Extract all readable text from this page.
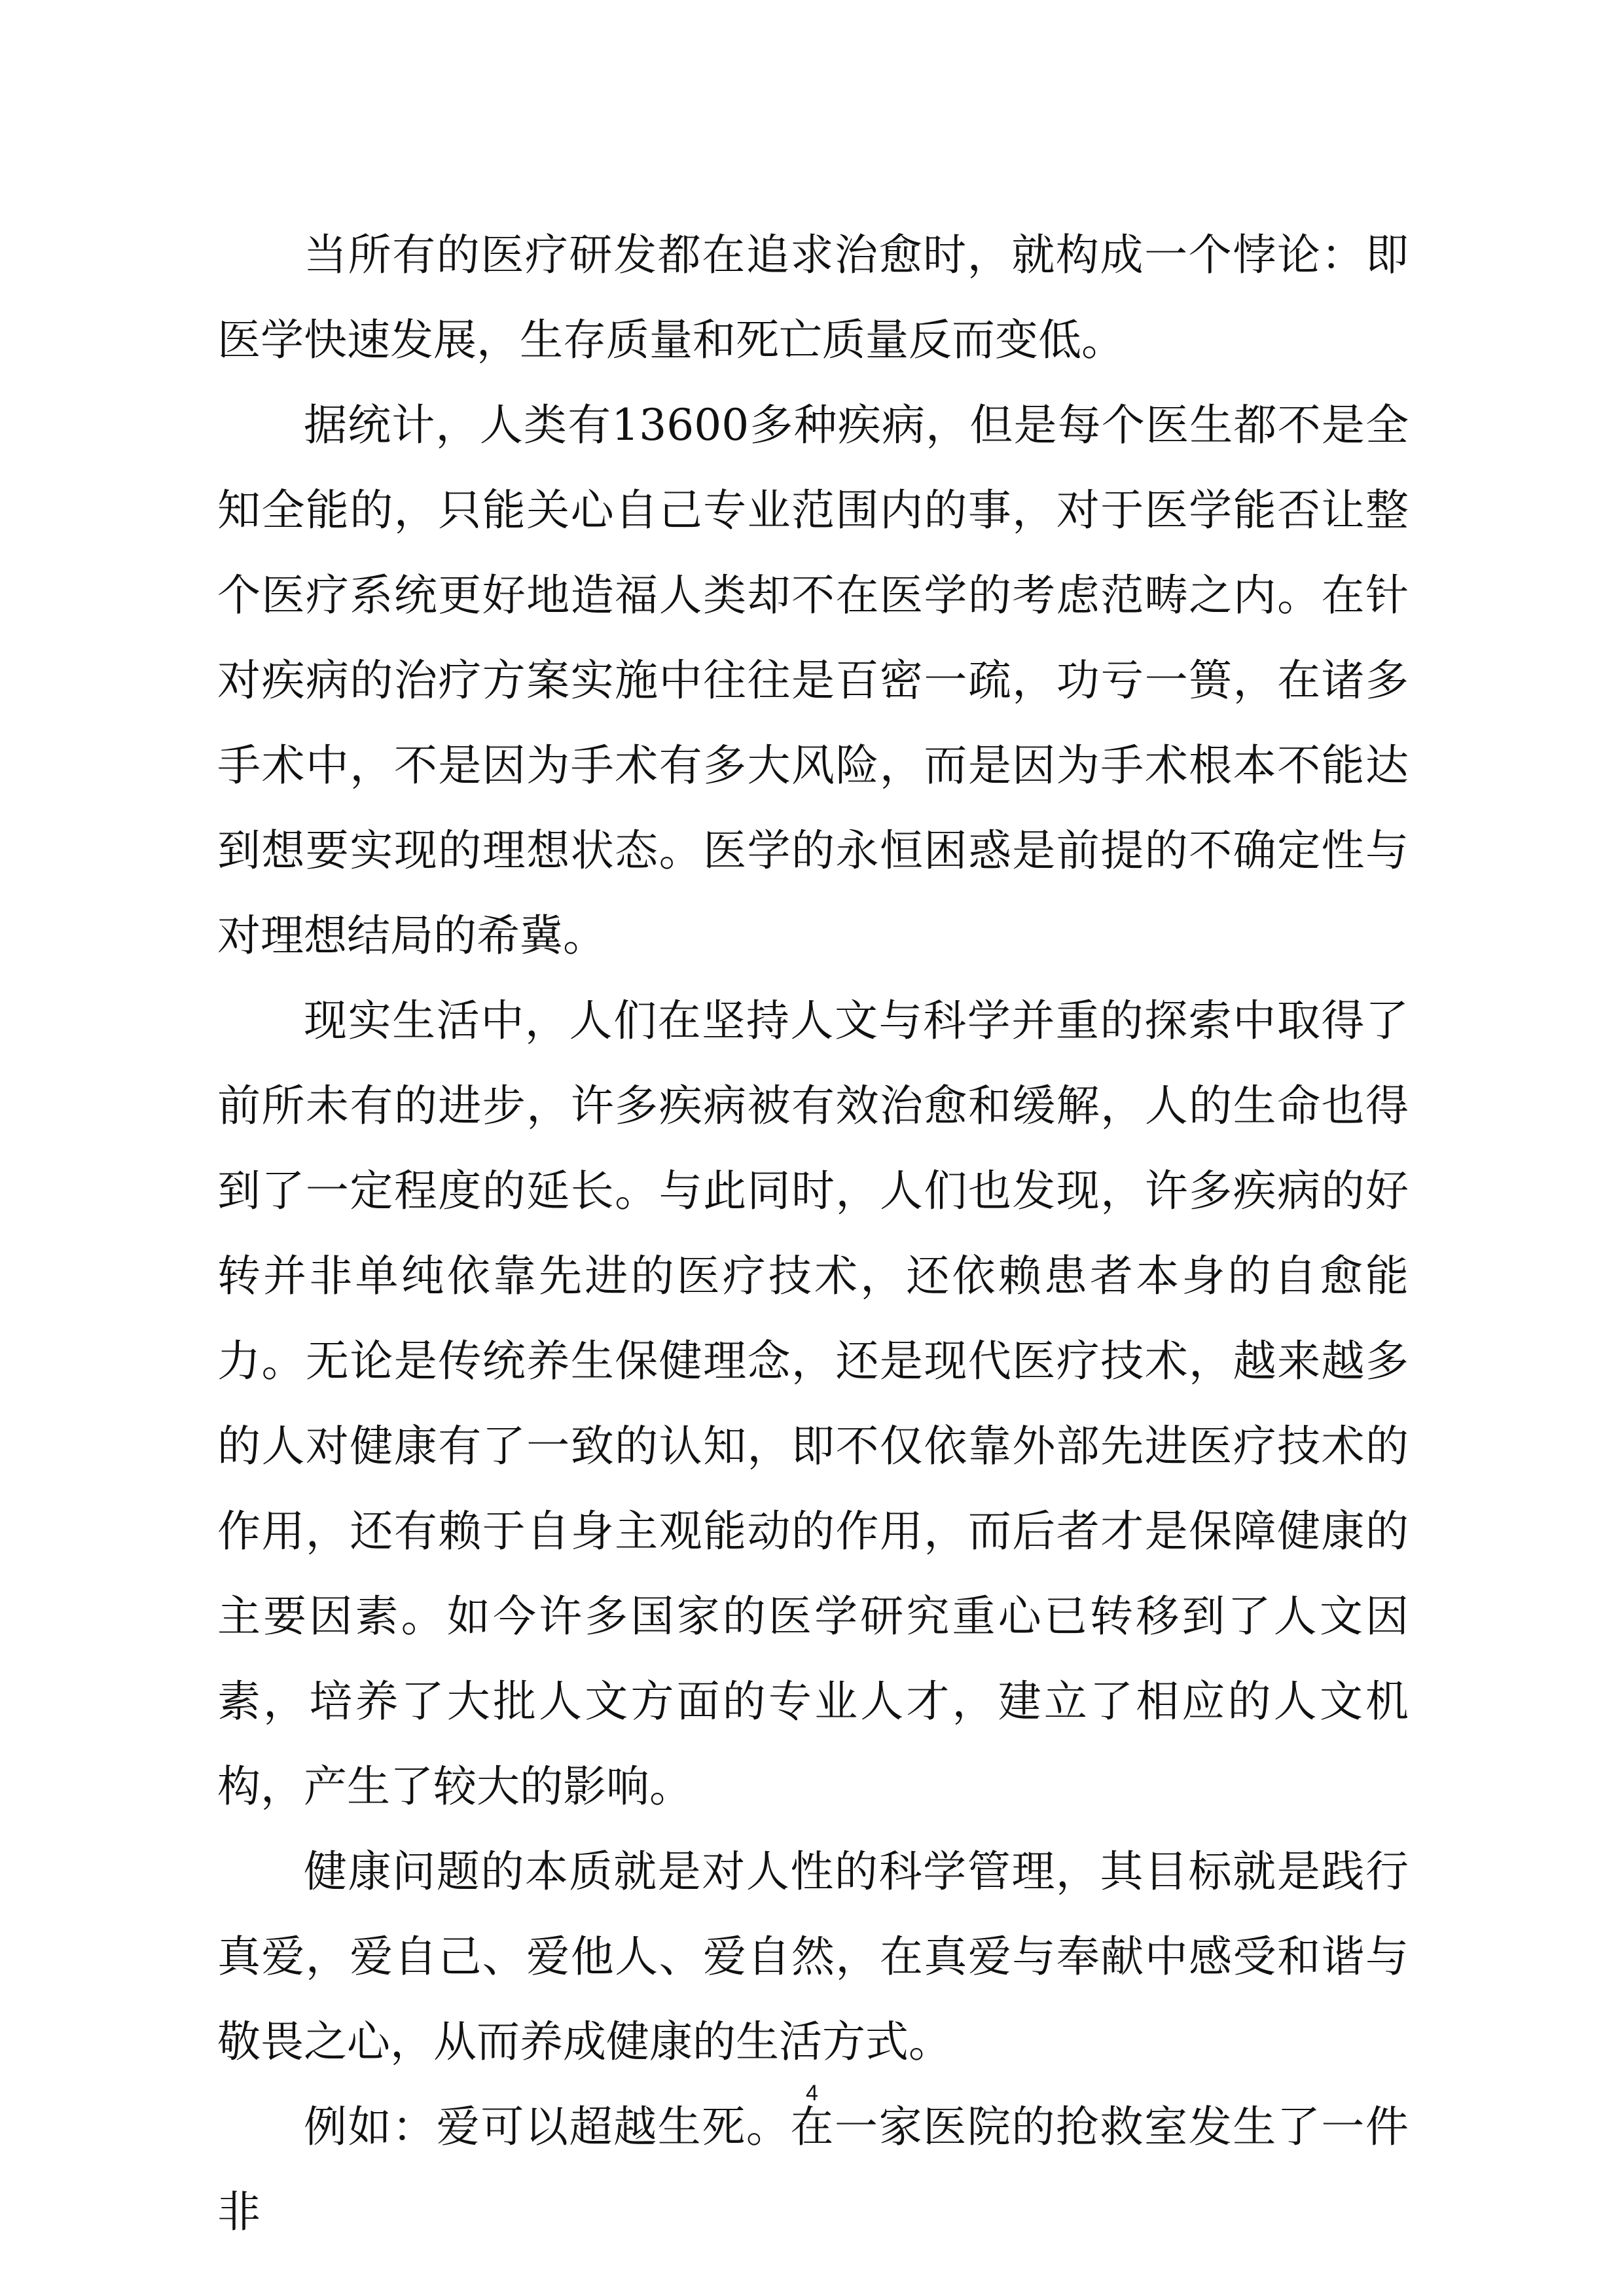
当所有的医疗研发都在追求治愈时，就构成一个悖论：即医学快速发展，生存质量和死亡质量反而变低。

据统计，人类有13600多种疾病，但是每个医生都不是全知全能的，只能关心自己专业范围内的事，对于医学能否让整个医疗系统更好地造福人类却不在医学的考虑范畴之内。在针对疾病的治疗方案实施中往往是百密一疏，功亏一篑，在诸多手术中，不是因为手术有多大风险，而是因为手术根本不能达到想要实现的理想状态。医学的永恒困惑是前提的不确定性与对理想结局的希冀。

现实生活中，人们在坚持人文与科学并重的探索中取得了前所未有的进步，许多疾病被有效治愈和缓解，人的生命也得到了一定程度的延长。与此同时，人们也发现，许多疾病的好转并非单纯依靠先进的医疗技术，还依赖患者本身的自愈能力。无论是传统养生保健理念，还是现代医疗技术，越来越多的人对健康有了一致的认知，即不仅依靠外部先进医疗技术的作用，还有赖于自身主观能动的作用，而后者才是保障健康的主要因素。如今许多国家的医学研究重心已转移到了人文因素，培养了大批人文方面的专业人才，建立了相应的人文机构，产生了较大的影响。

健康问题的本质就是对人性的科学管理，其目标就是践行真爱，爱自己、爱他人、爱自然，在真爱与奉献中感受和谐与敬畏之心，从而养成健康的生活方式。

例如：爱可以超越生死。在一家医院的抢救室发生了一件非

4
